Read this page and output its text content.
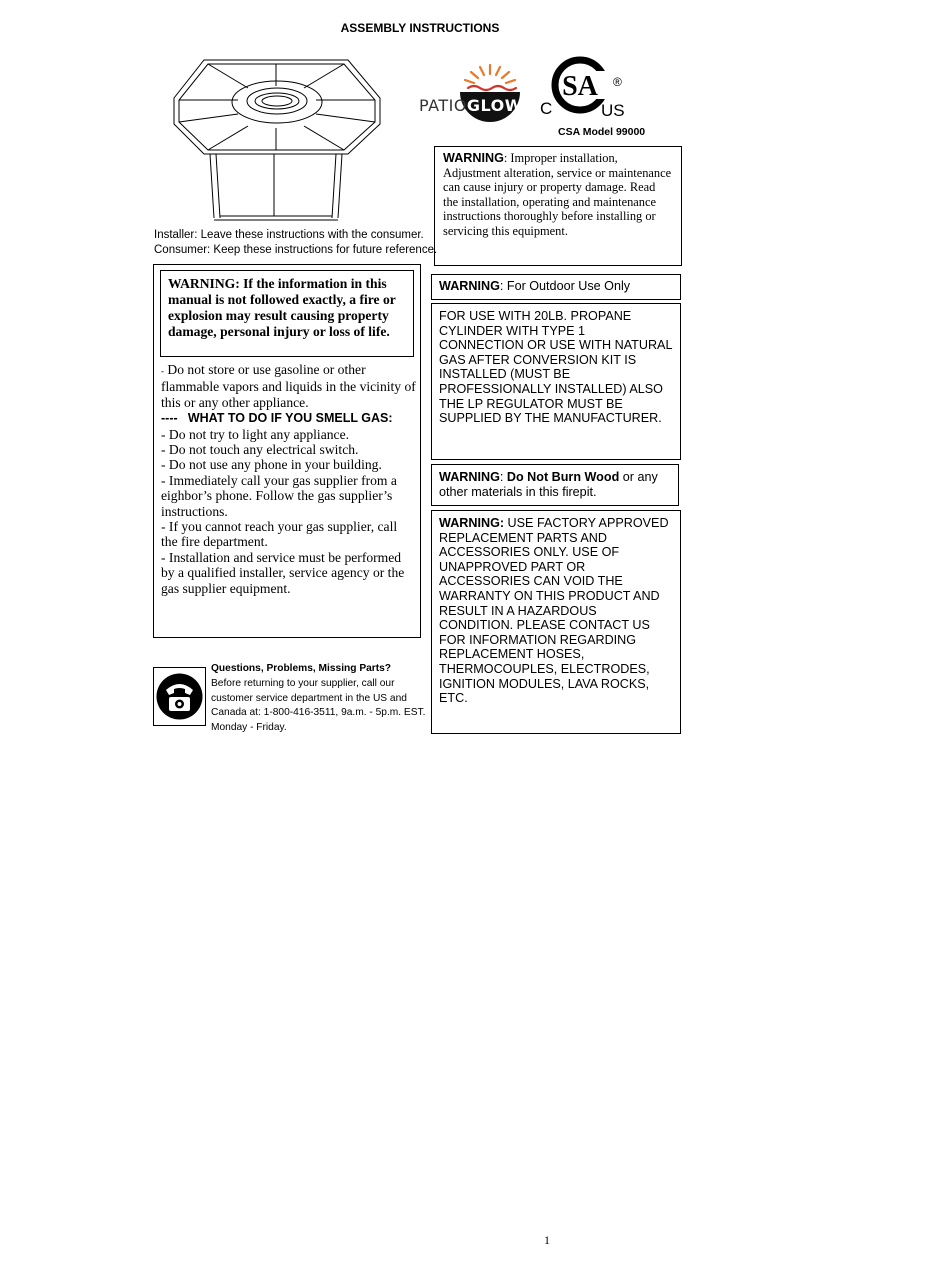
ASSEMBLY INSTRUCTIONS
PATIOGLOW
SA
C	US
®
CSA Model 99000
Installer: Leave these instructions with the consumer.
Consumer: Keep these instructions for future reference.
WARNING: If the information in this manual is not followed exactly, a fire or explosion may result causing property damage, personal injury or loss of life.
- Do not store or use gasoline or other flammable vapors and liquids in the vicinity of this or any other appliance.
---- WHAT TO DO IF YOU SMELL GAS:
- Do not try to light any appliance.
- Do not touch any electrical switch.
- Do not use any phone in your building.
- Immediately call your gas supplier from a eighbor’s phone. Follow the gas supplier’s instructions.
- If you cannot reach your gas supplier, call the fire department.
- Installation and service must be performed by a qualified installer, service agency or the gas supplier equipment.
Questions, Problems, Missing Parts?
Before returning to your supplier, call our customer service department in the US and Canada at: 1-800-416-3511, 9a.m. - 5p.m. EST. Monday - Friday.
WARNING: Improper installation, Adjustment alteration, service or maintenance can cause injury or property damage. Read the installation, operating and maintenance instructions thoroughly before installing or servicing this equipment.
WARNING: For Outdoor Use Only
FOR USE WITH 20LB. PROPANE CYLINDER WITH TYPE 1 CONNECTION OR USE WITH NATURAL GAS AFTER CONVERSION KIT IS INSTALLED (MUST BE PROFESSIONALLY INSTALLED) ALSO THE LP REGULATOR MUST BE SUPPLIED BY THE MANUFACTURER.
WARNING: Do Not Burn Wood or any other materials in this firepit.
WARNING: USE FACTORY APPROVED REPLACEMENT PARTS AND ACCESSORIES ONLY. USE OF UNAPPROVED PART OR ACCESSORIES CAN VOID THE WARRANTY ON THIS PRODUCT AND RESULT IN A HAZARDOUS CONDITION. PLEASE CONTACT US FOR INFORMATION REGARDING REPLACEMENT HOSES, THERMOCOUPLES, ELECTRODES, IGNITION MODULES, LAVA ROCKS, ETC.
1
